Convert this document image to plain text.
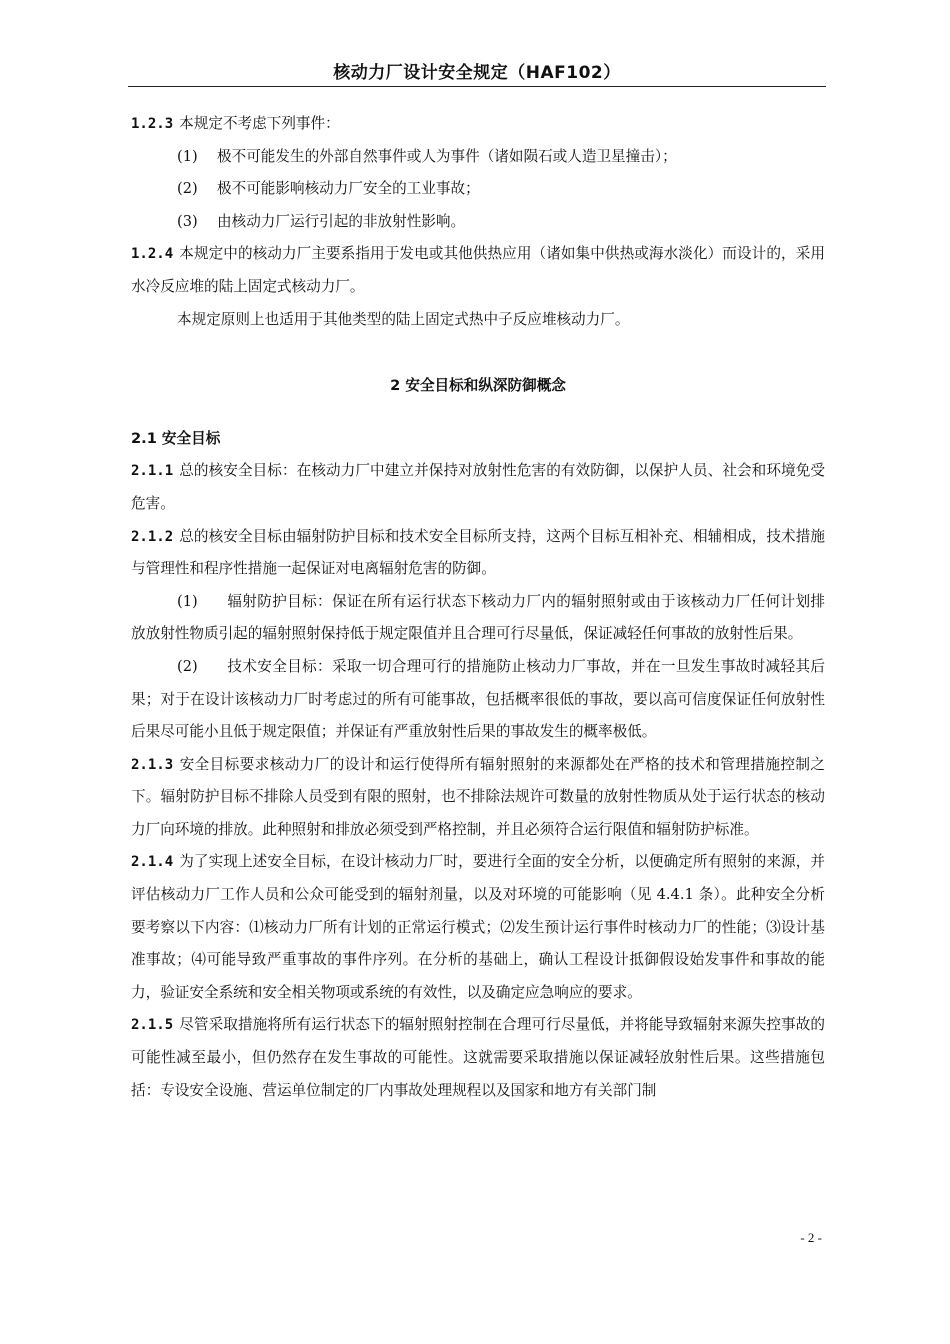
核动力厂设计安全规定（HAF102）

1.2.3 本规定不考虑下列事件：

(1) 极不可能发生的外部自然事件或人为事件（诸如陨石或人造卫星撞击）；

(2) 极不可能影响核动力厂安全的工业事故；

(3) 由核动力厂运行引起的非放射性影响。

1.2.4 本规定中的核动力厂主要系指用于发电或其他供热应用（诸如集中供热或海水淡化）而设计的，采用水冷反应堆的陆上固定式核动力厂。

本规定原则上也适用于其他类型的陆上固定式热中子反应堆核动力厂。

2 安全目标和纵深防御概念

2.1 安全目标

2.1.1 总的核安全目标：在核动力厂中建立并保持对放射性危害的有效防御，以保护人员、社会和环境免受危害。

2.1.2 总的核安全目标由辐射防护目标和技术安全目标所支持，这两个目标互相补充、相辅相成，技术措施与管理性和程序性措施一起保证对电离辐射危害的防御。

(1) 辐射防护目标：保证在所有运行状态下核动力厂内的辐射照射或由于该核动力厂任何计划排放放射性物质引起的辐射照射保持低于规定限值并且合理可行尽量低，保证减轻任何事故的放射性后果。

(2) 技术安全目标：采取一切合理可行的措施防止核动力厂事故，并在一旦发生事故时减轻其后果；对于在设计该核动力厂时考虑过的所有可能事故，包括概率很低的事故，要以高可信度保证任何放射性后果尽可能小且低于规定限值；并保证有严重放射性后果的事故发生的概率极低。

2.1.3 安全目标要求核动力厂的设计和运行使得所有辐射照射的来源都处在严格的技术和管理措施控制之下。辐射防护目标不排除人员受到有限的照射，也不排除法规许可数量的放射性物质从处于运行状态的核动力厂向环境的排放。此种照射和排放必须受到严格控制，并且必须符合运行限值和辐射防护标准。

2.1.4 为了实现上述安全目标，在设计核动力厂时，要进行全面的安全分析，以便确定所有照射的来源，并评估核动力厂工作人员和公众可能受到的辐射剂量，以及对环境的可能影响（见 4.4.1 条）。此种安全分析要考察以下内容：⑴核动力厂所有计划的正常运行模式；⑵发生预计运行事件时核动力厂的性能；⑶设计基准事故；⑷可能导致严重事故的事件序列。在分析的基础上，确认工程设计抵御假设始发事件和事故的能力，验证安全系统和安全相关物项或系统的有效性，以及确定应急响应的要求。

2.1.5 尽管采取措施将所有运行状态下的辐射照射控制在合理可行尽量低，并将能导致辐射来源失控事故的可能性减至最小，但仍然存在发生事故的可能性。这就需要采取措施以保证减轻放射性后果。这些措施包括：专设安全设施、营运单位制定的厂内事故处理规程以及国家和地方有关部门制

- 2 -
